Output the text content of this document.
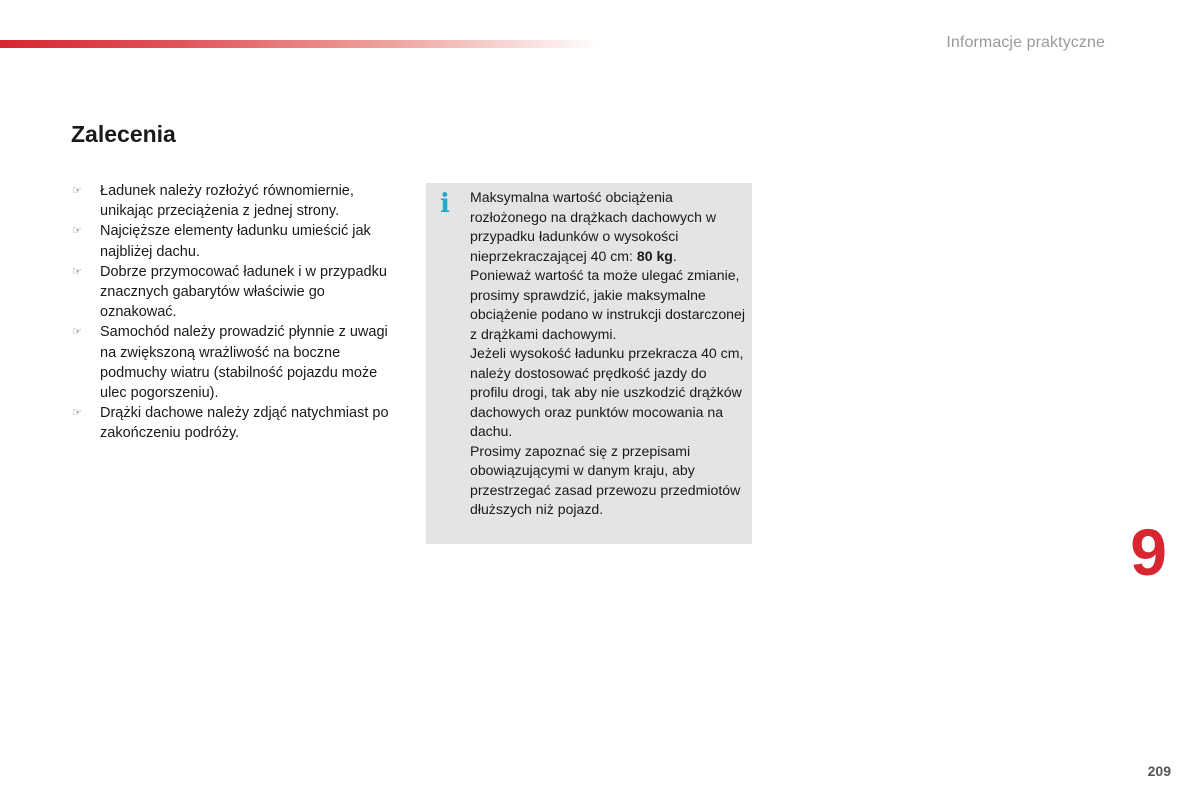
Informacje praktyczne
Zalecenia
☞ Ładunek należy rozłożyć równomiernie, unikając przeciążenia z jednej strony.
☞ Najcięższe elementy ładunku umieścić jak najbliżej dachu.
☞ Dobrze przymocować ładunek i w przypadku znacznych gabarytów właściwie go oznakować.
☞ Samochód należy prowadzić płynnie z uwagi na zwiększoną wrażliwość na boczne podmuchy wiatru (stabilność pojazdu może ulec pogorszeniu).
☞ Drążki dachowe należy zdjąć natychmiast po zakończeniu podróży.
i Maksymalna wartość obciążenia rozłożonego na drążkach dachowych w przypadku ładunków o wysokości nieprzekraczającej 40 cm: 80 kg.

Ponieważ wartość ta może ulegać zmianie, prosimy sprawdzić, jakie maksymalne obciążenie podano w instrukcji dostarczonej z drążkami dachowymi.

Jeżeli wysokość ładunku przekracza 40 cm, należy dostosować prędkość jazdy do profilu drogi, tak aby nie uszkodzić drążków dachowych oraz punktów mocowania na dachu.

Prosimy zapoznać się z przepisami obowiązującymi w danym kraju, aby przestrzegać zasad przewozu przedmiotów dłuższych niż pojazd.

9
209
